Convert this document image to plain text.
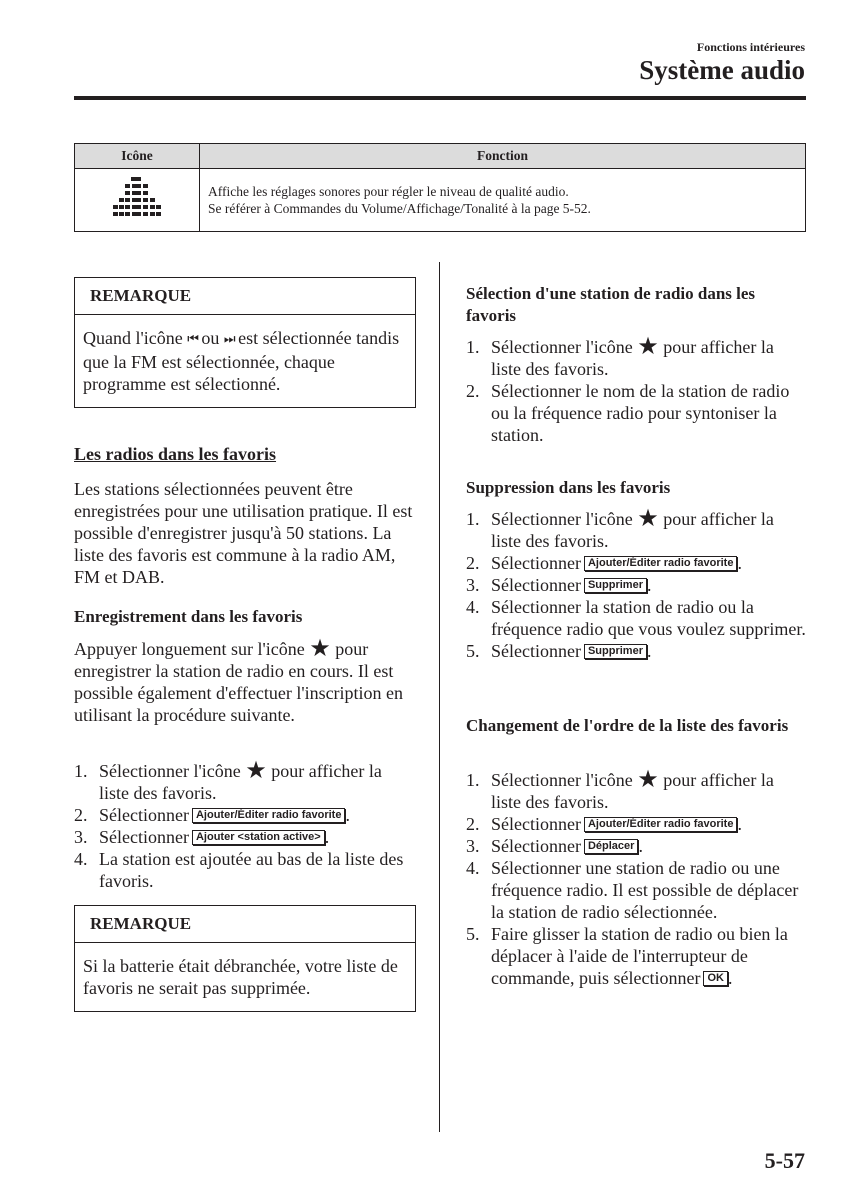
Fonctions intérieures
Système audio
Icône	Fonction

Affiche les réglages sonores pour régler le niveau de qualité audio.
Se référer à Commandes du Volume/Affichage/Tonalité à la page 5-52.
REMARQUE
Quand l'icône ⏮ ou ⏭ est sélectionnée tandis que la FM est sélectionnée, chaque programme est sélectionné.
Les radios dans les favoris
Les stations sélectionnées peuvent être enregistrées pour une utilisation pratique. Il est possible d'enregistrer jusqu'à 50 stations. La liste des favoris est commune à la radio AM, FM et DAB.
Enregistrement dans les favoris
Appuyer longuement sur l'icône ★ pour enregistrer la station de radio en cours. Il est possible également d'effectuer l'inscription en utilisant la procédure suivante.
1. Sélectionner l'icône ★ pour afficher la liste des favoris.
2. Sélectionner Ajouter/Éditer radio favorite .
3. Sélectionner Ajouter <station active> .
4. La station est ajoutée au bas de la liste des favoris.
REMARQUE
Si la batterie était débranchée, votre liste de favoris ne serait pas supprimée.
Sélection d'une station de radio dans les favoris
1. Sélectionner l'icône ★ pour afficher la liste des favoris.
2. Sélectionner le nom de la station de radio ou la fréquence radio pour syntoniser la station.
Suppression dans les favoris
1. Sélectionner l'icône ★ pour afficher la liste des favoris.
2. Sélectionner Ajouter/Éditer radio favorite .
3. Sélectionner Supprimer .
4. Sélectionner la station de radio ou la fréquence radio que vous voulez supprimer.
5. Sélectionner Supprimer .
Changement de l'ordre de la liste des favoris
1. Sélectionner l'icône ★ pour afficher la liste des favoris.
2. Sélectionner Ajouter/Éditer radio favorite .
3. Sélectionner Déplacer .
4. Sélectionner une station de radio ou une fréquence radio. Il est possible de déplacer la station de radio sélectionnée.
5. Faire glisser la station de radio ou bien la déplacer à l'aide de l'interrupteur de commande, puis sélectionner OK .
5-57
